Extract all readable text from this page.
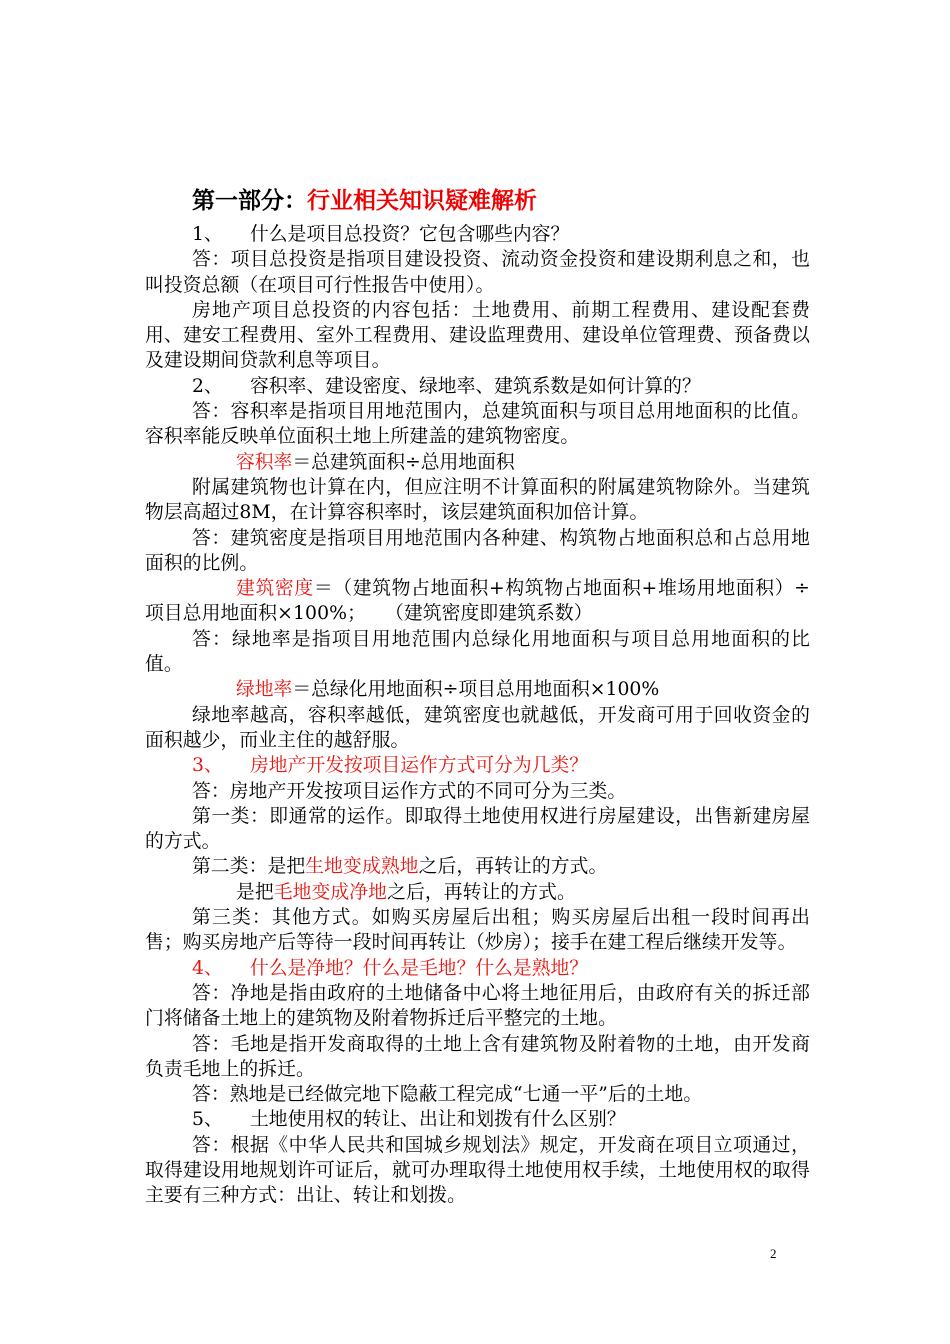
第一部分：行业相关知识疑难解析

1、 什么是项目总投资？它包含哪些内容？

答：项目总投资是指项目建设投资、流动资金投资和建设期利息之和，也叫投资总额（在项目可行性报告中使用）。

房地产项目总投资的内容包括：土地费用、前期工程费用、建设配套费用、建安工程费用、室外工程费用、建设监理费用、建设单位管理费、预备费以及建设期间贷款利息等项目。

2、 容积率、建设密度、绿地率、建筑系数是如何计算的？

答：容积率是指项目用地范围内，总建筑面积与项目总用地面积的比值。容积率能反映单位面积土地上所建盖的建筑物密度。

容积率＝总建筑面积÷总用地面积

附属建筑物也计算在内，但应注明不计算面积的附属建筑物除外。当建筑物层高超过8M，在计算容积率时，该层建筑面积加倍计算。

答：建筑密度是指项目用地范围内各种建、构筑物占地面积总和占总用地面积的比例。

建筑密度＝（建筑物占地面积+构筑物占地面积+堆场用地面积）÷项目总用地面积×100%；　　（建筑密度即建筑系数）

答：绿地率是指项目用地范围内总绿化用地面积与项目总用地面积的比值。

绿地率＝总绿化用地面积÷项目总用地面积×100%

绿地率越高，容积率越低，建筑密度也就越低，开发商可用于回收资金的面积越少，而业主住的越舒服。

3、 房地产开发按项目运作方式可分为几类？

答：房地产开发按项目运作方式的不同可分为三类。

第一类：即通常的运作。即取得土地使用权进行房屋建设，出售新建房屋的方式。

第二类：是把生地变成熟地之后，再转让的方式。

是把毛地变成净地之后，再转让的方式。

第三类：其他方式。如购买房屋后出租；购买房屋后出租一段时间再出售；购买房地产后等待一段时间再转让（炒房）；接手在建工程后继续开发等。

4、 什么是净地？什么是毛地？什么是熟地？

答：净地是指由政府的土地储备中心将土地征用后，由政府有关的拆迁部门将储备土地上的建筑物及附着物拆迁后平整完的土地。

答：毛地是指开发商取得的土地上含有建筑物及附着物的土地，由开发商负责毛地上的拆迁。

答：熟地是已经做完地下隐蔽工程完成“七通一平”后的土地。

5、 土地使用权的转让、出让和划拨有什么区别？

答：根据《中华人民共和国城乡规划法》规定，开发商在项目立项通过，取得建设用地规划许可证后，就可办理取得土地使用权手续，土地使用权的取得主要有三种方式：出让、转让和划拨。

2
